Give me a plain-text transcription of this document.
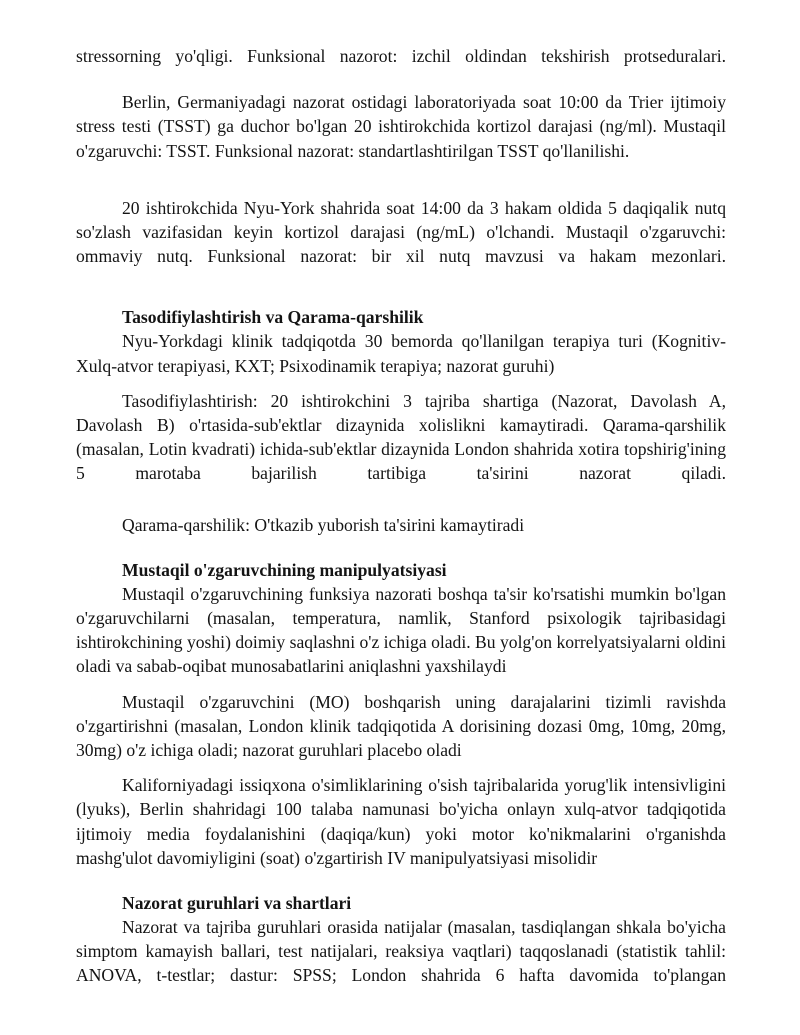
stressorning yo'qligi. Funksional nazorot: izchil oldindan tekshirish protseduralari.

Berlin, Germaniyadagi nazorat ostidagi laboratoriyada soat 10:00 da Trier ijtimoiy stress testi (TSST) ga duchor bo'lgan 20 ishtirokchida kortizol darajasi (ng/ml). Mustaqil o'zgaruvchi: TSST. Funksional nazorat: standartlashtirilgan TSST qo'llanilishi.

20 ishtirokchida Nyu-York shahrida soat 14:00 da 3 hakam oldida 5 daqiqalik nutq so'zlash vazifasidan keyin kortizol darajasi (ng/mL) o'lchandi. Mustaqil o'zgaruvchi: ommaviy nutq. Funksional nazorat: bir xil nutq mavzusi va hakam mezonlari.

Tasodifiylashtirish va Qarama-qarshilik

Nyu-Yorkdagi klinik tadqiqotda 30 bemorda qo'llanilgan terapiya turi (Kognitiv-Xulq-atvor terapiyasi, KXT; Psixodinamik terapiya; nazorat guruhi)

Tasodifiylashtirish: 20 ishtirokchini 3 tajriba shartiga (Nazorat, Davolash A, Davolash B) o'rtasida-sub'ektlar dizaynida xolislikni kamaytiradi. Qarama-qarshilik (masalan, Lotin kvadrati) ichida-sub'ektlar dizaynida London shahrida xotira topshirig'ining 5 marotaba bajarilish tartibiga ta'sirini nazorat qiladi.

Qarama-qarshilik: O'tkazib yuborish ta'sirini kamaytiradi

Mustaqil o'zgaruvchining manipulyatsiyasi

Mustaqil o'zgaruvchining funksiya nazorati boshqa ta'sir ko'rsatishi mumkin bo'lgan o'zgaruvchilarni (masalan, temperatura, namlik, Stanford psixologik tajribasidagi ishtirokchining yoshi) doimiy saqlashni o'z ichiga oladi. Bu yolg'on korrelyatsiyalarni oldini oladi va sabab-oqibat munosabatlarini aniqlashni yaxshilaydi

Mustaqil o'zgaruvchini (MO) boshqarish uning darajalarini tizimli ravishda o'zgartirishni (masalan, London klinik tadqiqotida A dorisining dozasi 0mg, 10mg, 20mg, 30mg) o'z ichiga oladi; nazorat guruhlari placebo oladi

Kaliforniyadagi issiqxona o'simliklarining o'sish tajribalarida yorug'lik intensivligini (lyuks), Berlin shahridagi 100 talaba namunasi bo'yicha onlayn xulq-atvor tadqiqotida ijtimoiy media foydalanishini (daqiqa/kun) yoki motor ko'nikmalarini o'rganishda mashg'ulot davomiyligini (soat) o'zgartirish IV manipulyatsiyasi misolidir

Nazorat guruhlari va shartlari

Nazorat va tajriba guruhlari orasida natijalar (masalan, tasdiqlangan shkala bo'yicha simptom kamayish ballari, test natijalari, reaksiya vaqtlari) taqqoslanadi (statistik tahlil: ANOVA, t-testlar; dastur: SPSS; London shahrida 6 hafta davomida to'plangan
